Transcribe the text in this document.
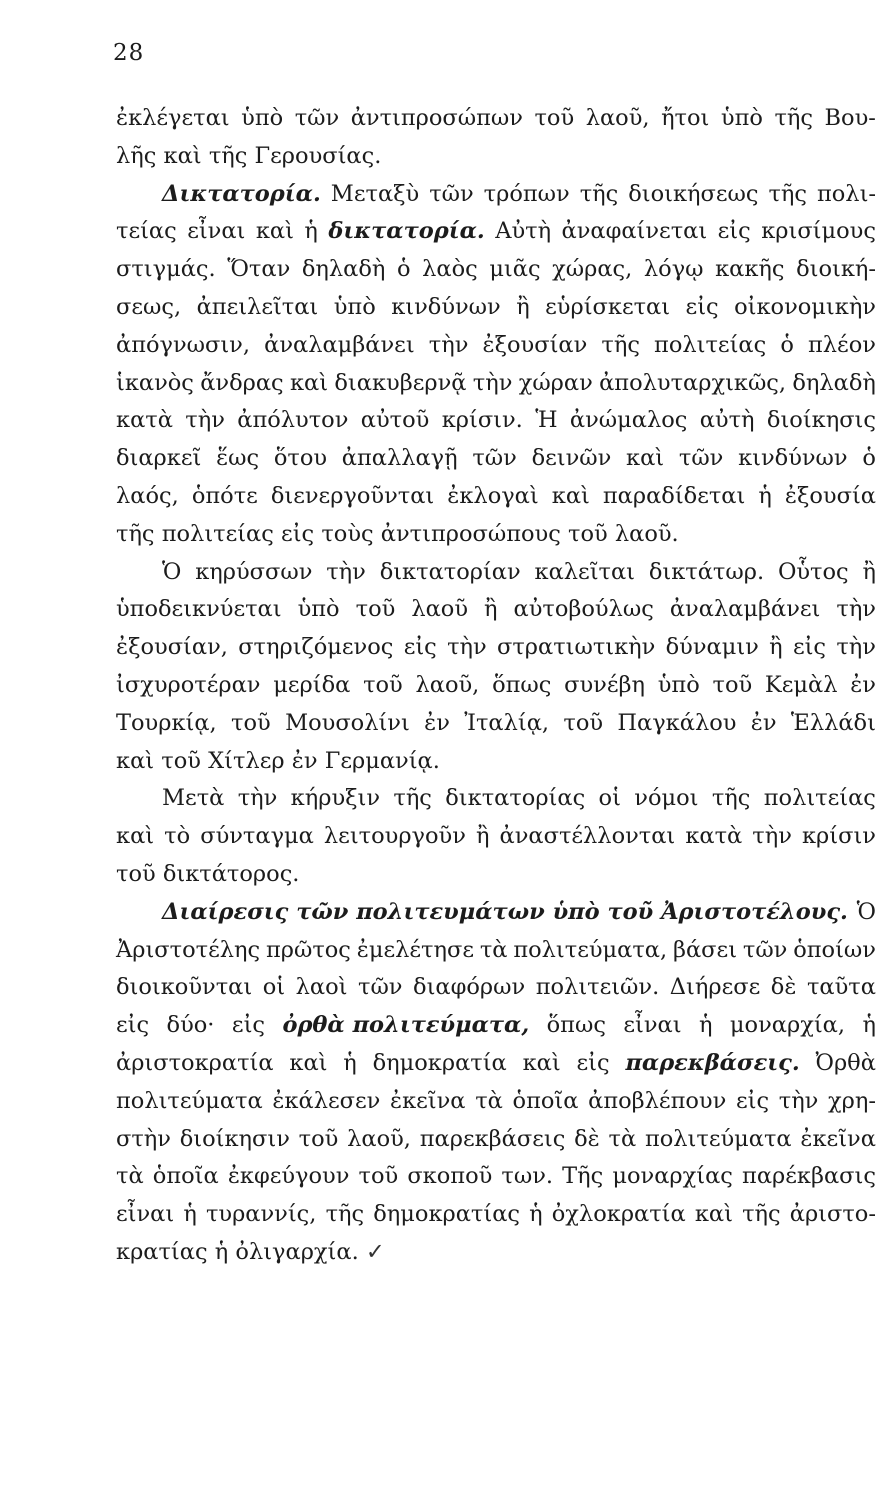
28
ἐκλέγεται ὑπὸ τῶν ἀντιπροσώπων τοῦ λαοῦ, ἤτοι ὑπὸ τῆς Βου-
λῆς καὶ τῆς Γερουσίας.
Δικτατορία. Μεταξὺ τῶν τρόπων τῆς διοικήσεως τῆς πολι-
τείας εἶναι καὶ ἡ δικτατορία. Αὐτὴ ἀναφαίνεται εἰς κρισίμους
στιγμάς. Ὅταν δηλαδὴ ὁ λαὸς μιᾶς χώρας, λόγῳ κακῆς διοική-
σεως, ἀπειλεῖται ὑπὸ κινδύνων ἢ εὑρίσκεται εἰς οἰκονομικὴν
ἀπόγνωσιν, ἀναλαμβάνει τὴν ἐξουσίαν τῆς πολιτείας ὁ πλέον
ἱκανὸς ἄνδρας καὶ διακυβερνᾷ τὴν χώραν ἀπολυταρχικῶς, δηλαδὴ
κατὰ τὴν ἀπόλυτον αὐτοῦ κρίσιν. Ἡ ἀνώμαλος αὐτὴ διοίκησις
διαρκεῖ ἕως ὅτου ἀπαλλαγῇ τῶν δεινῶν καὶ τῶν κινδύνων ὁ
λαός, ὁπότε διενεργοῦνται ἐκλογαὶ καὶ παραδίδεται ἡ ἐξουσία
τῆς πολιτείας εἰς τοὺς ἀντιπροσώπους τοῦ λαοῦ.
Ὁ κηρύσσων τὴν δικτατορίαν καλεῖται δικτάτωρ. Οὗτος ἢ
ὑποδεικνύεται ὑπὸ τοῦ λαοῦ ἢ αὐτοβούλως ἀναλαμβάνει τὴν
ἐξουσίαν, στηριζόμενος εἰς τὴν στρατιωτικὴν δύναμιν ἢ εἰς τὴν
ἰσχυροτέραν μερίδα τοῦ λαοῦ, ὅπως συνέβη ὑπὸ τοῦ Κεμὰλ ἐν
Τουρκίᾳ, τοῦ Μουσολίνι ἐν Ἰταλίᾳ, τοῦ Παγκάλου ἐν Ἑλλάδι
καὶ τοῦ Χίτλερ ἐν Γερμανίᾳ.
Μετὰ τὴν κήρυξιν τῆς δικτατορίας οἱ νόμοι τῆς πολιτείας
καὶ τὸ σύνταγμα λειτουργοῦν ἢ ἀναστέλλονται κατὰ τὴν κρίσιν
τοῦ δικτάτορος.
Διαίρεσις τῶν πολιτευμάτων ὑπὸ τοῦ Ἀριστοτέλους. Ὁ
Ἀριστοτέλης πρῶτος ἐμελέτησε τὰ πολιτεύματα, βάσει τῶν ὁποίων
διοικοῦνται οἱ λαοὶ τῶν διαφόρων πολιτειῶν. Διήρεσε δὲ ταῦτα
εἰς δύο· εἰς ὀρθὰ πολιτεύματα, ὅπως εἶναι ἡ μοναρχία, ἡ
ἀριστοκρατία καὶ ἡ δημοκρατία καὶ εἰς παρεκβάσεις. Ὀρθὰ
πολιτεύματα ἐκάλεσεν ἐκεῖνα τὰ ὁποῖα ἀποβλέπουν εἰς τὴν χρη-
στὴν διοίκησιν τοῦ λαοῦ, παρεκβάσεις δὲ τὰ πολιτεύματα ἐκεῖνα
τὰ ὁποῖα ἐκφεύγουν τοῦ σκοποῦ των. Τῆς μοναρχίας παρέκβασις
εἶναι ἡ τυραννίς, τῆς δημοκρατίας ἡ ὀχλοκρατία καὶ τῆς ἀριστο-
κρατίας ἡ ὀλιγαρχία. ✓
